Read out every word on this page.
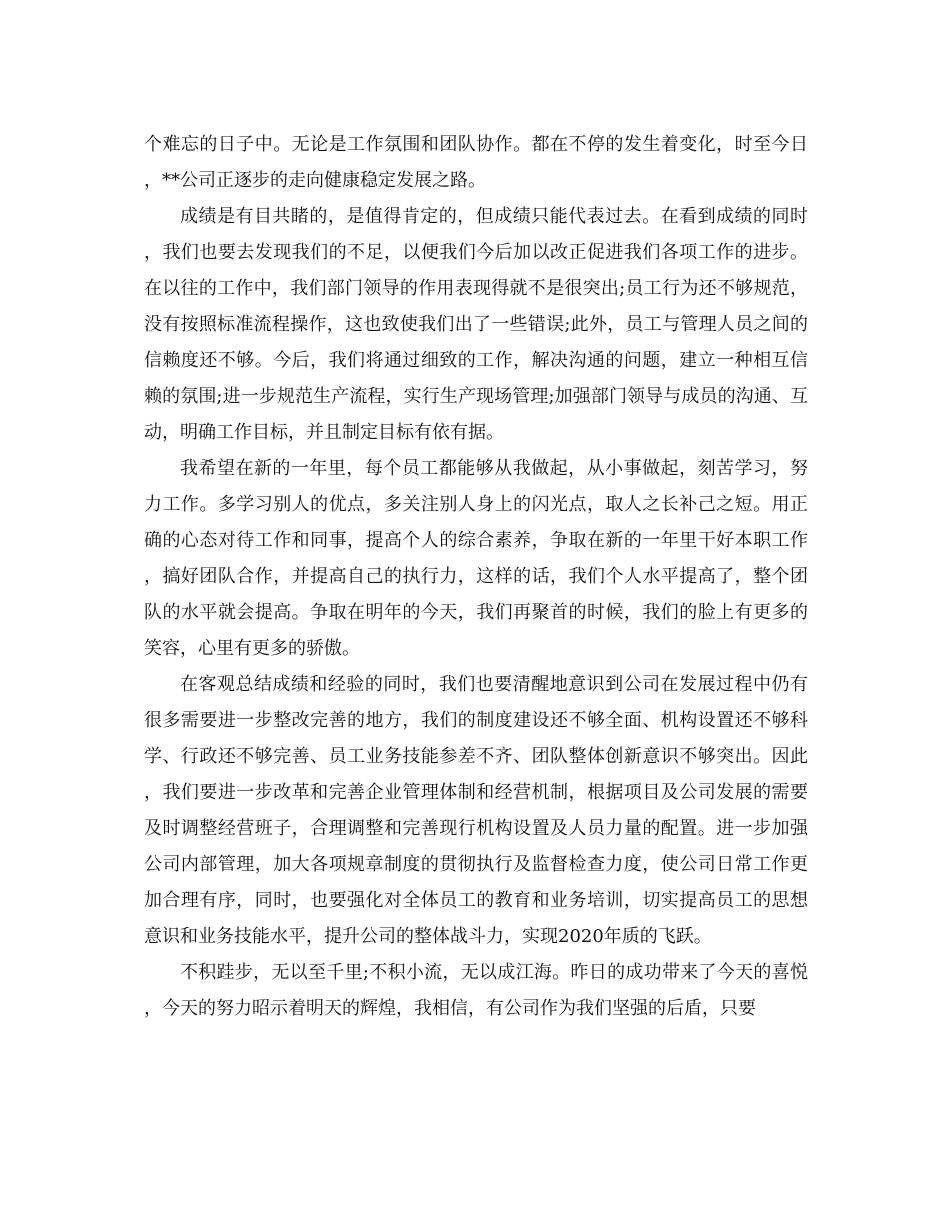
个难忘的日子中。无论是工作氛围和团队协作。都在不停的发生着变化，时至今日，**公司正逐步的走向健康稳定发展之路。

成绩是有目共睹的，是值得肯定的，但成绩只能代表过去。在看到成绩的同时，我们也要去发现我们的不足，以便我们今后加以改正促进我们各项工作的进步。在以往的工作中，我们部门领导的作用表现得就不是很突出;员工行为还不够规范，没有按照标准流程操作，这也致使我们出了一些错误;此外，员工与管理人员之间的信赖度还不够。今后，我们将通过细致的工作，解决沟通的问题，建立一种相互信赖的氛围;进一步规范生产流程，实行生产现场管理;加强部门领导与成员的沟通、互动，明确工作目标，并且制定目标有依有据。

我希望在新的一年里，每个员工都能够从我做起，从小事做起，刻苦学习，努力工作。多学习别人的优点，多关注别人身上的闪光点，取人之长补己之短。用正确的心态对待工作和同事，提高个人的综合素养，争取在新的一年里干好本职工作，搞好团队合作，并提高自己的执行力，这样的话，我们个人水平提高了，整个团队的水平就会提高。争取在明年的今天，我们再聚首的时候，我们的脸上有更多的笑容，心里有更多的骄傲。

在客观总结成绩和经验的同时，我们也要清醒地意识到公司在发展过程中仍有很多需要进一步整改完善的地方，我们的制度建设还不够全面、机构设置还不够科学、行政还不够完善、员工业务技能参差不齐、团队整体创新意识不够突出。因此，我们要进一步改革和完善企业管理体制和经营机制，根据项目及公司发展的需要及时调整经营班子，合理调整和完善现行机构设置及人员力量的配置。进一步加强公司内部管理，加大各项规章制度的贯彻执行及监督检查力度，使公司日常工作更加合理有序，同时，也要强化对全体员工的教育和业务培训，切实提高员工的思想意识和业务技能水平，提升公司的整体战斗力，实现2020年质的飞跃。

不积跬步，无以至千里;不积小流，无以成江海。昨日的成功带来了今天的喜悦，今天的努力昭示着明天的辉煌，我相信，有公司作为我们坚强的后盾，只要
